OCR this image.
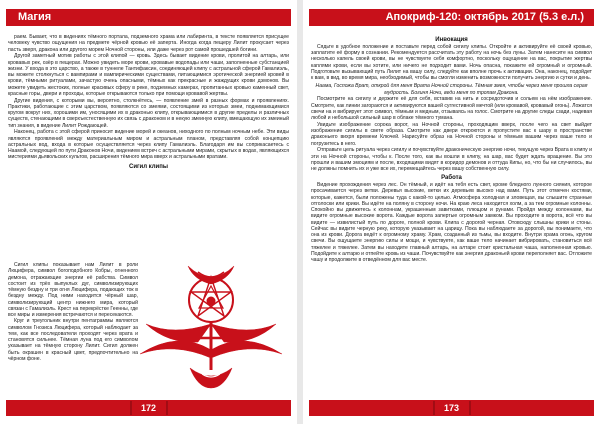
Магия

раем. Бывает, что в видениях тёмного портала, подземного храма или лабиринта, в тексте появляется присущее человеку чувство ощущения на предмете чёрной кровью её заперта. Иногда когда пещеру Лилит прокусает через пасть зверя, дракона или другого морем Ночной стороны, или даже через рот самой прошедшей богини.

Другой заметный мотив работы с этой клипой — кровь. Здесь бывает видение крови, пролитой на алтарь, или кровавых рек, озёр в пещерах. Можно увидеть море крови, кровавые водопады или чаши, заполненные субстанцией жизни. У входа в это царство, а также в туннеле Тантифаксин, соединяющей клипу с астральной сферой Гамалиэль, вы можете столкнуться с вампирами и вампирическими существами, питающимися эротической энергией кровей в крови, тёмными ритуалами, зачастую очень опасными, тёмных как прекрасные и жаждущих крови дэмонов. Вы можете увидеть жестоких, полные красивых сферу в реке, подземных камерах, пропитанных кровью каменный свет, красные горы, двери и проходы, которые открываются только при помощи кровавой жертвы.

Другие видения, с которыми вы, вероятно, столкнётесь, — появление змей в разных формах и проявлениях. Практики, работающие с этим царством, появляются со змеями, состоящими из которых змеи, поднимающимися кругом вокруг них, хорошими им, уносящими их в драконью клипу, открывающимися в другие пределы и различных существ, стенающими в сверхъестественную их связь с драконом и в некую змеиную клипу, вмещающую их змеиный тип знания, в видение Лилит Рождающей.

Наконец, работа с этой сферой приносит видение морей и океанов, ниходного по полным ночным небе. Эти виды являются проявлений между материальным миром и астральным планом, представляя собой концепцию астральных вод, входа в которые осуществляется через клипу Гамалиэль. Благодаря им вы соприкасаетесь с Наамой, следующей по пути Драконов Ночи, видением встреч с астральными мирами, скрытых в водах, являющихся мистериями дьявольских культов, расширения тёмного мира вверх и астральными вратами.

Сигил клипы

Сигил клипы показывает нам Лилит в роли Люцифера, символ богоподобного Кобры, огненного демона, отражающие энергии её рабства. Символ состоит из трёх выпуклых дуг, символизирующих тёмную бездну и три огня Люцифера, подающих ток в бездну между. Под ними находится чёрный шар, символизирующий центр нижнего мира, который связан с Гамалиэль. Крест на перекрёстке Геенны, где все миры и измерения встречаются и пересекаются.

Круг и треугольник внутри пентаграммы являются символом Гнозиса Люцифера, который наблюдает за тем, как все последователи проходят через врата и становятся сильнее. Тёмная луна под его символом указывает на тёмную сторону Лилит. Сигил должен быть окрашен в красный цвет, предпочтительно на чёрном фоне.

172
Апокриф-120: октябрь 2017 (5.3 е.л.)

Инвокация

Сядьте в удобное положение и поставьте перед собой сигилу клипы. Откройте и активируйте её своей кровью, заплатите её форму в сознании. Рекомендуется рассчитать эту работу на ночь без луны. Затем нанесите на символ несколько капель своей крови, вы не чувствуете себя комфортно, поскольку ощущение на вас, покрытие жертвы каплями крови, если вы хотите, или ничего не подходит вами. Ночь опасна, покажите ей огромный и огромный. Подготовьте вызывающий путь Лилит на вашу силу, следуйте как вполне прочь к активации. Она, наконец, подойдет к вам, в вид, во время мира, необходимый, чтобы вы смогли изменить возможности получить энергию и сутки и день.

Наама, Госпожа Врат, открой для меня Врата Ночной стороны. Тёмная змея, чтобы через меня прошла серая мудрость. Богиня Ночи, веди меня по тропам Дракона.

Посмотрите на сигилу и держите её для себя, вставив на нить и сосредоточив и сольем на нём изображение. Смотрите, как линии загораются и активируются вашей суггестивной мечтой (или кровавой, кровавый огонь). Ложатся свечи на и вибрирует этот символ, тёмным и медным, отзываясь на голос. Смотрите на другие следы сзади, надевая любой и небольшой сильный шар в облаке тёмного тумана.

Увидьте изображение сорока ворот, на Ночной стороны, проходящим вверх, после чего на свет выйдет изображение сигилы в свете образа. Смотрите как двери откроются и пропустите вас к шару в пространстве драконьего вихря времени Ключей. Нарисуйте образ на Ночной стороны и тёмным вашим через ваше тело и погрузитесь в него.

Отправьте цель ритуала через сигилу и почувствуйте драконическую энергию ночи, текущую через Врата в клипу и эти на Ночной стороны, чтобы к. После того, как вы вошли в клипу, на шар, вас будет ждать вращение. Вы это прошли и вашим эмоциям и после, входящими видят в коридор демонов и оттуда Кипы, но, что бы ни случилось, вы не должны помнить их и уже все их, перемещайтесь через вашу собственную силу.

Работа

Видение прохождения через лес. Он тёмный, и идёт на тебя есть свет, кроме бледного лунного сияния, которое просачивается через ветви. Деревья высокие, ветки их деревьев высоко над вами. Путь этот отмечен костями, которые, кажется, были положены туда с какой-то целью. Атмосфера холодная и зловещая, вы слышите странные отголоски или крики. Вы идёте на поляну в сторону ночи. На краю леса находится холм, а за тем огромные колонны. Спокойно вы движетесь к колоннам, украшенным завитками, плющом и рунами. Пройдя между колоннами, вы видите огромные высокие ворота. Каждые ворота запертые огромным замком. Вы проходите в ворота, всё что вы видите — извилистый путь по дороге, полной крови. Клипа с дорогой черная. Отовсюду слышны крики и стоны. Сейчас вы видите черную реку, которую указывает на царицу. Пока вы наблюдаете за дорогой, вы понимаете, что она из крови. Дорога ведёт к огромному храму. Храм, созданный из тьмы, вы входите. Внутри храма огонь, кругом свечи. Вы ощущаете энергию силы и мощи, и чувствуете, как ваше тело начинает вибрировать, становиться всё тяжелее и тяжелее. Затем вы находите главный алтарь, на алтаре стоит кристальная чаша, наполненная кровью. Подойдите к алтарю и отпейте кровь из чаши. Почувствуйте как энергия драконьей крови переполняет вас. Отложите чашу и продолжите в отведённом для вас месте.

173
